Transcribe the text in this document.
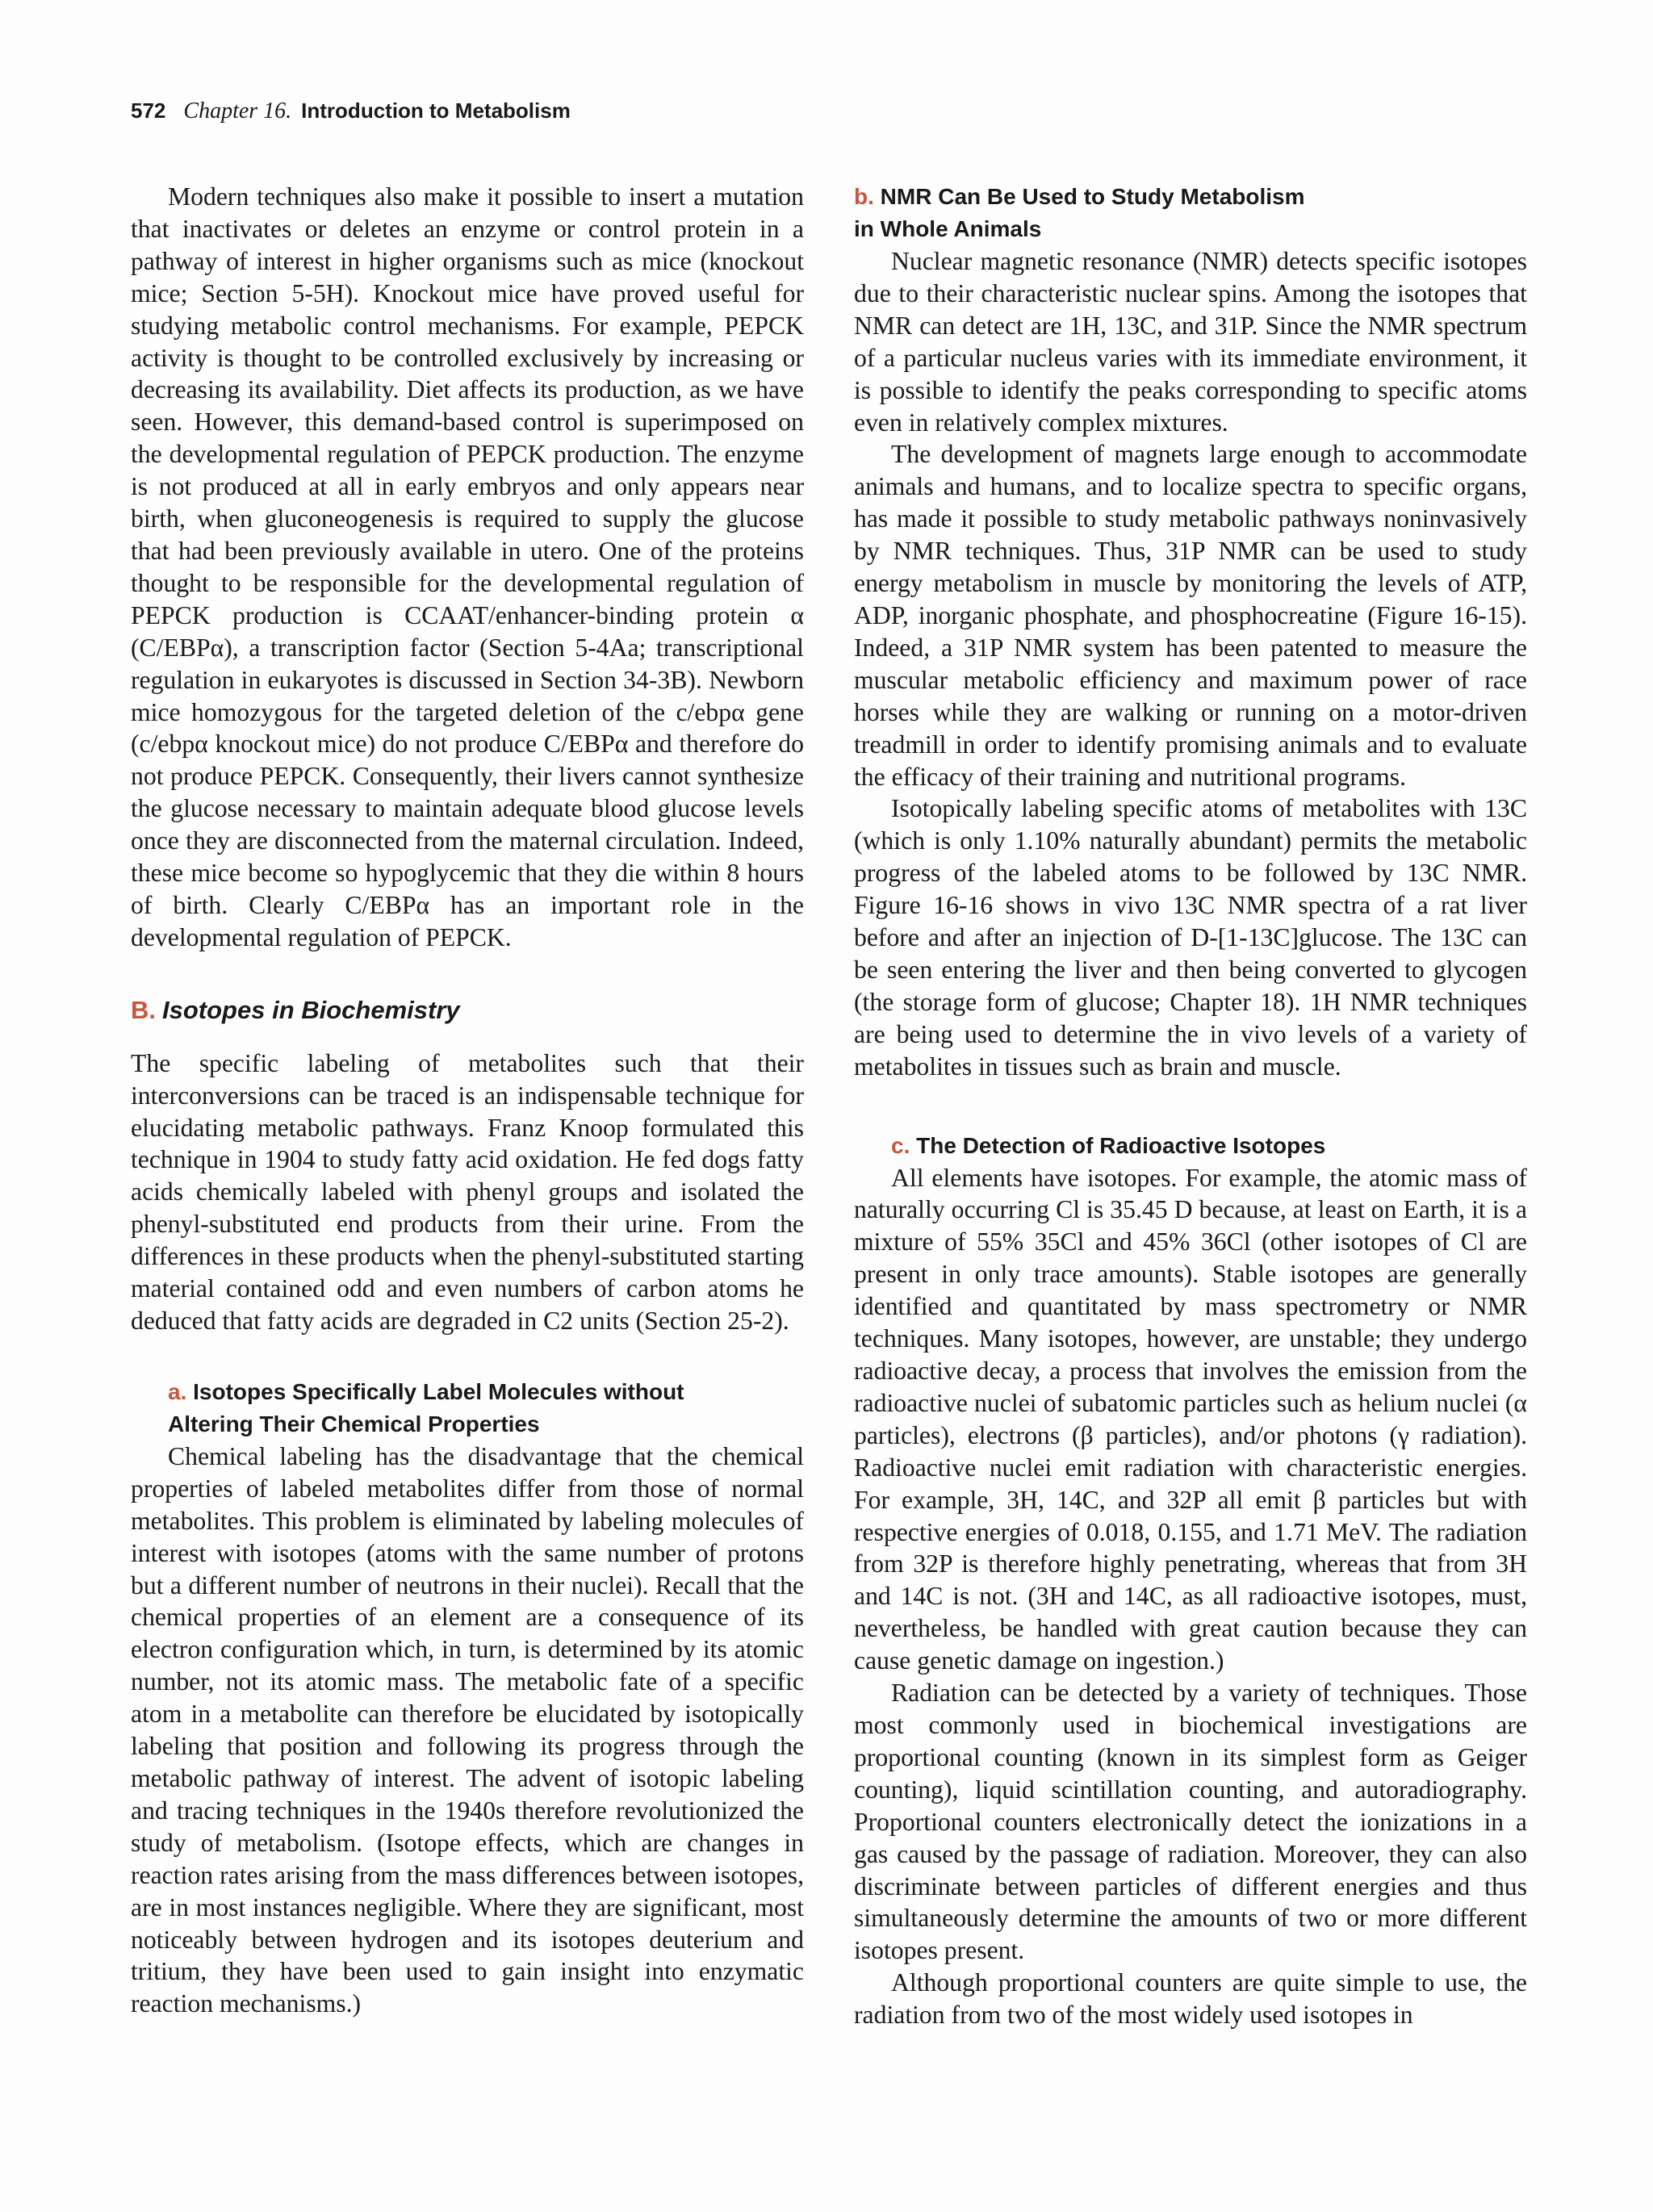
572 Chapter 16. Introduction to Metabolism

Modern techniques also make it possible to insert a mutation that inactivates or deletes an enzyme or control protein in a pathway of interest in higher organisms such as mice (knockout mice; Section 5-5H). Knockout mice have proved useful for studying metabolic control mechanisms. For example, PEPCK activity is thought to be controlled exclusively by increasing or decreasing its availability. Diet affects its production, as we have seen. However, this demand-based control is superimposed on the developmental regulation of PEPCK production. The enzyme is not produced at all in early embryos and only appears near birth, when gluconeogenesis is required to supply the glucose that had been previously available in utero. One of the proteins thought to be responsible for the developmental regulation of PEPCK production is CCAAT/enhancer-binding protein α (C/EBPα), a transcription factor (Section 5-4Aa; transcriptional regulation in eukaryotes is discussed in Section 34-3B). Newborn mice homozygous for the targeted deletion of the c/ebpα gene (c/ebpα knockout mice) do not produce C/EBPα and therefore do not produce PEPCK. Consequently, their livers cannot synthesize the glucose necessary to maintain adequate blood glucose levels once they are disconnected from the maternal circulation. Indeed, these mice become so hypoglycemic that they die within 8 hours of birth. Clearly C/EBPα has an important role in the developmental regulation of PEPCK.

B. Isotopes in Biochemistry

The specific labeling of metabolites such that their interconversions can be traced is an indispensable technique for elucidating metabolic pathways. Franz Knoop formulated this technique in 1904 to study fatty acid oxidation. He fed dogs fatty acids chemically labeled with phenyl groups and isolated the phenyl-substituted end products from their urine. From the differences in these products when the phenyl-substituted starting material contained odd and even numbers of carbon atoms he deduced that fatty acids are degraded in C2 units (Section 25-2).

a. Isotopes Specifically Label Molecules without
Altering Their Chemical Properties

Chemical labeling has the disadvantage that the chemical properties of labeled metabolites differ from those of normal metabolites. This problem is eliminated by labeling molecules of interest with isotopes (atoms with the same number of protons but a different number of neutrons in their nuclei). Recall that the chemical properties of an element are a consequence of its electron configuration which, in turn, is determined by its atomic number, not its atomic mass. The metabolic fate of a specific atom in a metabolite can therefore be elucidated by isotopically labeling that position and following its progress through the metabolic pathway of interest. The advent of isotopic labeling and tracing techniques in the 1940s therefore revolutionized the study of metabolism. (Isotope effects, which are changes in reaction rates arising from the mass differences between isotopes, are in most instances negligible. Where they are significant, most noticeably between hydrogen and its isotopes deuterium and tritium, they have been used to gain insight into enzymatic reaction mechanisms.)

b. NMR Can Be Used to Study Metabolism
in Whole Animals

Nuclear magnetic resonance (NMR) detects specific isotopes due to their characteristic nuclear spins. Among the isotopes that NMR can detect are 1H, 13C, and 31P. Since the NMR spectrum of a particular nucleus varies with its immediate environment, it is possible to identify the peaks corresponding to specific atoms even in relatively complex mixtures.

The development of magnets large enough to accommodate animals and humans, and to localize spectra to specific organs, has made it possible to study metabolic pathways noninvasively by NMR techniques. Thus, 31P NMR can be used to study energy metabolism in muscle by monitoring the levels of ATP, ADP, inorganic phosphate, and phosphocreatine (Figure 16-15). Indeed, a 31P NMR system has been patented to measure the muscular metabolic efficiency and maximum power of race horses while they are walking or running on a motor-driven treadmill in order to identify promising animals and to evaluate the efficacy of their training and nutritional programs.

Isotopically labeling specific atoms of metabolites with 13C (which is only 1.10% naturally abundant) permits the metabolic progress of the labeled atoms to be followed by 13C NMR. Figure 16-16 shows in vivo 13C NMR spectra of a rat liver before and after an injection of D-[1-13C]glucose. The 13C can be seen entering the liver and then being converted to glycogen (the storage form of glucose; Chapter 18). 1H NMR techniques are being used to determine the in vivo levels of a variety of metabolites in tissues such as brain and muscle.

c. The Detection of Radioactive Isotopes

All elements have isotopes. For example, the atomic mass of naturally occurring Cl is 35.45 D because, at least on Earth, it is a mixture of 55% 35Cl and 45% 36Cl (other isotopes of Cl are present in only trace amounts). Stable isotopes are generally identified and quantitated by mass spectrometry or NMR techniques. Many isotopes, however, are unstable; they undergo radioactive decay, a process that involves the emission from the radioactive nuclei of subatomic particles such as helium nuclei (α particles), electrons (β particles), and/or photons (γ radiation). Radioactive nuclei emit radiation with characteristic energies. For example, 3H, 14C, and 32P all emit β particles but with respective energies of 0.018, 0.155, and 1.71 MeV. The radiation from 32P is therefore highly penetrating, whereas that from 3H and 14C is not. (3H and 14C, as all radioactive isotopes, must, nevertheless, be handled with great caution because they can cause genetic damage on ingestion.)

Radiation can be detected by a variety of techniques. Those most commonly used in biochemical investigations are proportional counting (known in its simplest form as Geiger counting), liquid scintillation counting, and autoradiography. Proportional counters electronically detect the ionizations in a gas caused by the passage of radiation. Moreover, they can also discriminate between particles of different energies and thus simultaneously determine the amounts of two or more different isotopes present.

Although proportional counters are quite simple to use, the radiation from two of the most widely used isotopes in
